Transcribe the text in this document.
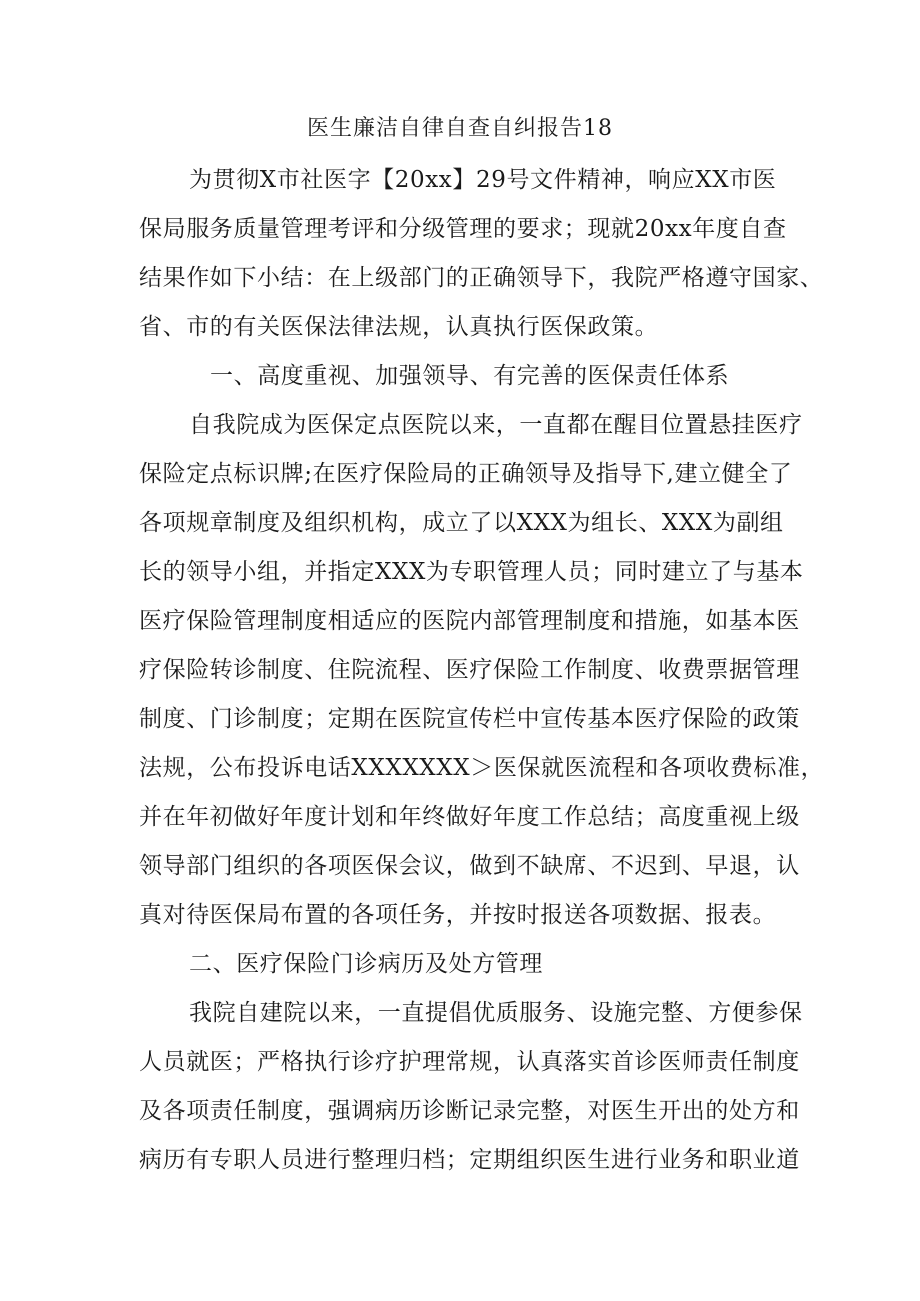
医生廉洁自律自查自纠报告18
为贯彻X市社医字【20xx】29号文件精神，响应XX市医
保局服务质量管理考评和分级管理的要求；现就20xx年度自查
结果作如下小结：在上级部门的正确领导下，我院严格遵守国家、
省、市的有关医保法律法规，认真执行医保政策。
一、高度重视、加强领导、有完善的医保责任体系
自我院成为医保定点医院以来，一直都在醒目位置悬挂医疗
保险定点标识牌;在医疗保险局的正确领导及指导下,建立健全了
各项规章制度及组织机构，成立了以XXX为组长、XXX为副组
长的领导小组，并指定XXX为专职管理人员；同时建立了与基本
医疗保险管理制度相适应的医院内部管理制度和措施，如基本医
疗保险转诊制度、住院流程、医疗保险工作制度、收费票据管理
制度、门诊制度；定期在医院宣传栏中宣传基本医疗保险的政策
法规，公布投诉电话XXXXXXX＞医保就医流程和各项收费标准，
并在年初做好年度计划和年终做好年度工作总结；高度重视上级
领导部门组织的各项医保会议，做到不缺席、不迟到、早退，认
真对待医保局布置的各项任务，并按时报送各项数据、报表。
二、医疗保险门诊病历及处方管理
我院自建院以来，一直提倡优质服务、设施完整、方便参保
人员就医；严格执行诊疗护理常规，认真落实首诊医师责任制度
及各项责任制度，强调病历诊断记录完整，对医生开出的处方和
病历有专职人员进行整理归档；定期组织医生进行业务和职业道
